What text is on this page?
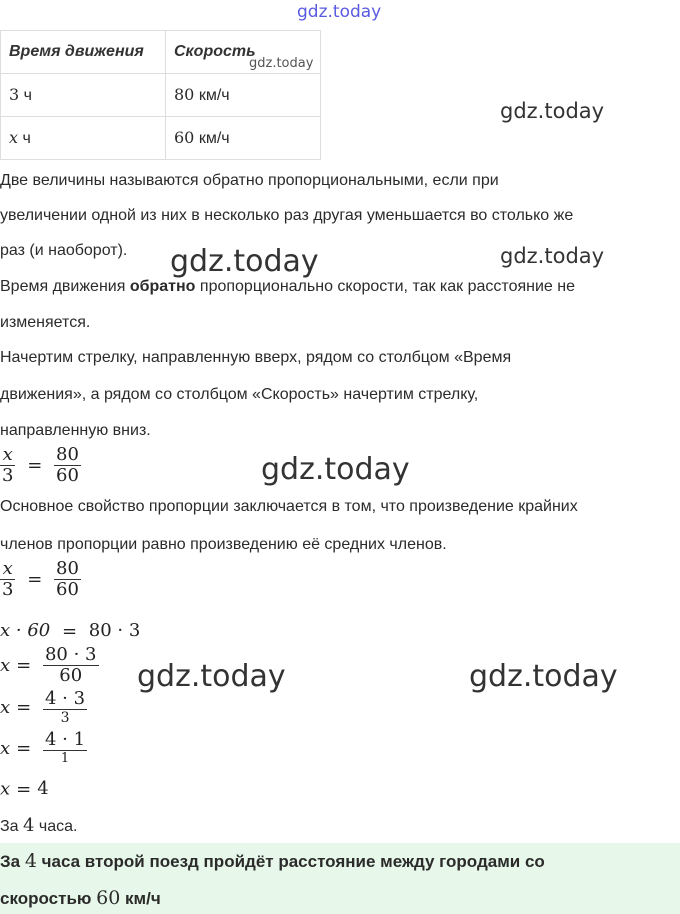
gdz.today
gdz.today
gdz.today
gdz.today
gdz.today
gdz.today
gdz.today	gdz.today
Время движения	Скорость
3 ч	80 км/ч
x ч	60 км/ч
Две величины называются обратно пропорциональными, если при
увеличении одной из них в несколько раз другая уменьшается во столько же
раз (и наоборот).
Время движения обратно пропорционально скорости, так как расстояние не
изменяется.
Начертим стрелку, направленную вверх, рядом со столбцом «Время
движения», а рядом со столбцом «Скорость» начертим стрелку,
направленную вниз.
$\frac{x}{3} = \frac{80}{60}$
Основное свойство пропорции заключается в том, что произведение крайних
членов пропорции равно произведению её средних членов.
$\frac{x}{3} = \frac{80}{60}$
x · 60 = 80 · 3
$x = \frac{80 \cdot 3}{60}$
$x = \frac{4 \cdot 3}{3}$
$x = \frac{4 \cdot 1}{1}$
x = 4
За 4 часа.
За 4 часа второй поезд пройдёт расстояние между городами со
скоростью 60 км/ч
